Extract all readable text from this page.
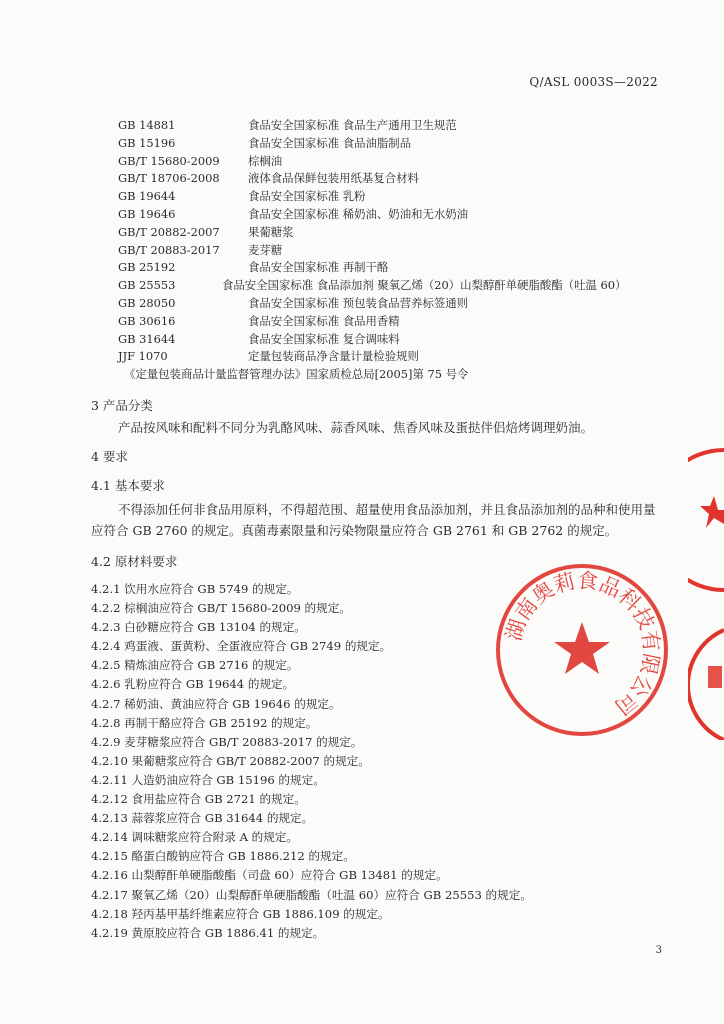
Q/ASL 0003S—2022
GB 14881	食品安全国家标准 食品生产通用卫生规范
GB 15196	食品安全国家标准 食品油脂制品
GB/T 15680-2009 棕榈油
GB/T 18706-2008 液体食品保鲜包装用纸基复合材料
GB 19644	食品安全国家标准 乳粉
GB 19646	食品安全国家标准 稀奶油、奶油和无水奶油
GB/T 20882-2007 果葡糖浆
GB/T 20883-2017 麦芽糖
GB 25192	食品安全国家标准 再制干酪
GB 25553	食品安全国家标准 食品添加剂 聚氧乙烯（20）山梨醇酐单硬脂酸酯（吐温 60）
GB 28050	食品安全国家标准 预包装食品营养标签通则
GB 30616	食品安全国家标准 食品用香精
GB 31644	食品安全国家标准 复合调味料
JJF 1070	定量包装商品净含量计量检验规则
《定量包装商品计量监督管理办法》国家质检总局[2005]第 75 号令
3 产品分类
产品按风味和配料不同分为乳酪风味、蒜香风味、焦香风味及蛋挞伴侣焙烤调理奶油。
4 要求
4.1 基本要求
不得添加任何非食品用原料，不得超范围、超量使用食品添加剂，并且食品添加剂的品种和使用量
应符合 GB 2760 的规定。真菌毒素限量和污染物限量应符合 GB 2761 和 GB 2762 的规定。
4.2 原材料要求
4.2.1 饮用水应符合 GB 5749 的规定。
4.2.2 棕榈油应符合 GB/T 15680-2009 的规定。
4.2.3 白砂糖应符合 GB 13104 的规定。
4.2.4 鸡蛋液、蛋黄粉、全蛋液应符合 GB 2749 的规定。
4.2.5 精炼油应符合 GB 2716 的规定。
4.2.6 乳粉应符合 GB 19644 的规定。
4.2.7 稀奶油、黄油应符合 GB 19646 的规定。
4.2.8 再制干酪应符合 GB 25192 的规定。
4.2.9 麦芽糖浆应符合 GB/T 20883-2017 的规定。
4.2.10 果葡糖浆应符合 GB/T 20882-2007 的规定。
4.2.11 人造奶油应符合 GB 15196 的规定。
4.2.12 食用盐应符合 GB 2721 的规定。
4.2.13 蒜蓉浆应符合 GB 31644 的规定。
4.2.14 调味糖浆应符合附录 A 的规定。
4.2.15 酪蛋白酸钠应符合 GB 1886.212 的规定。
4.2.16 山梨醇酐单硬脂酸酯（司盘 60）应符合 GB 13481 的规定。
4.2.17 聚氧乙烯（20）山梨醇酐单硬脂酸酯（吐温 60）应符合 GB 25553 的规定。
4.2.18 羟丙基甲基纤维素应符合 GB 1886.109 的规定。
4.2.19 黄原胶应符合 GB 1886.41 的规定。
湖南奥莉食品科技有限公司
3
